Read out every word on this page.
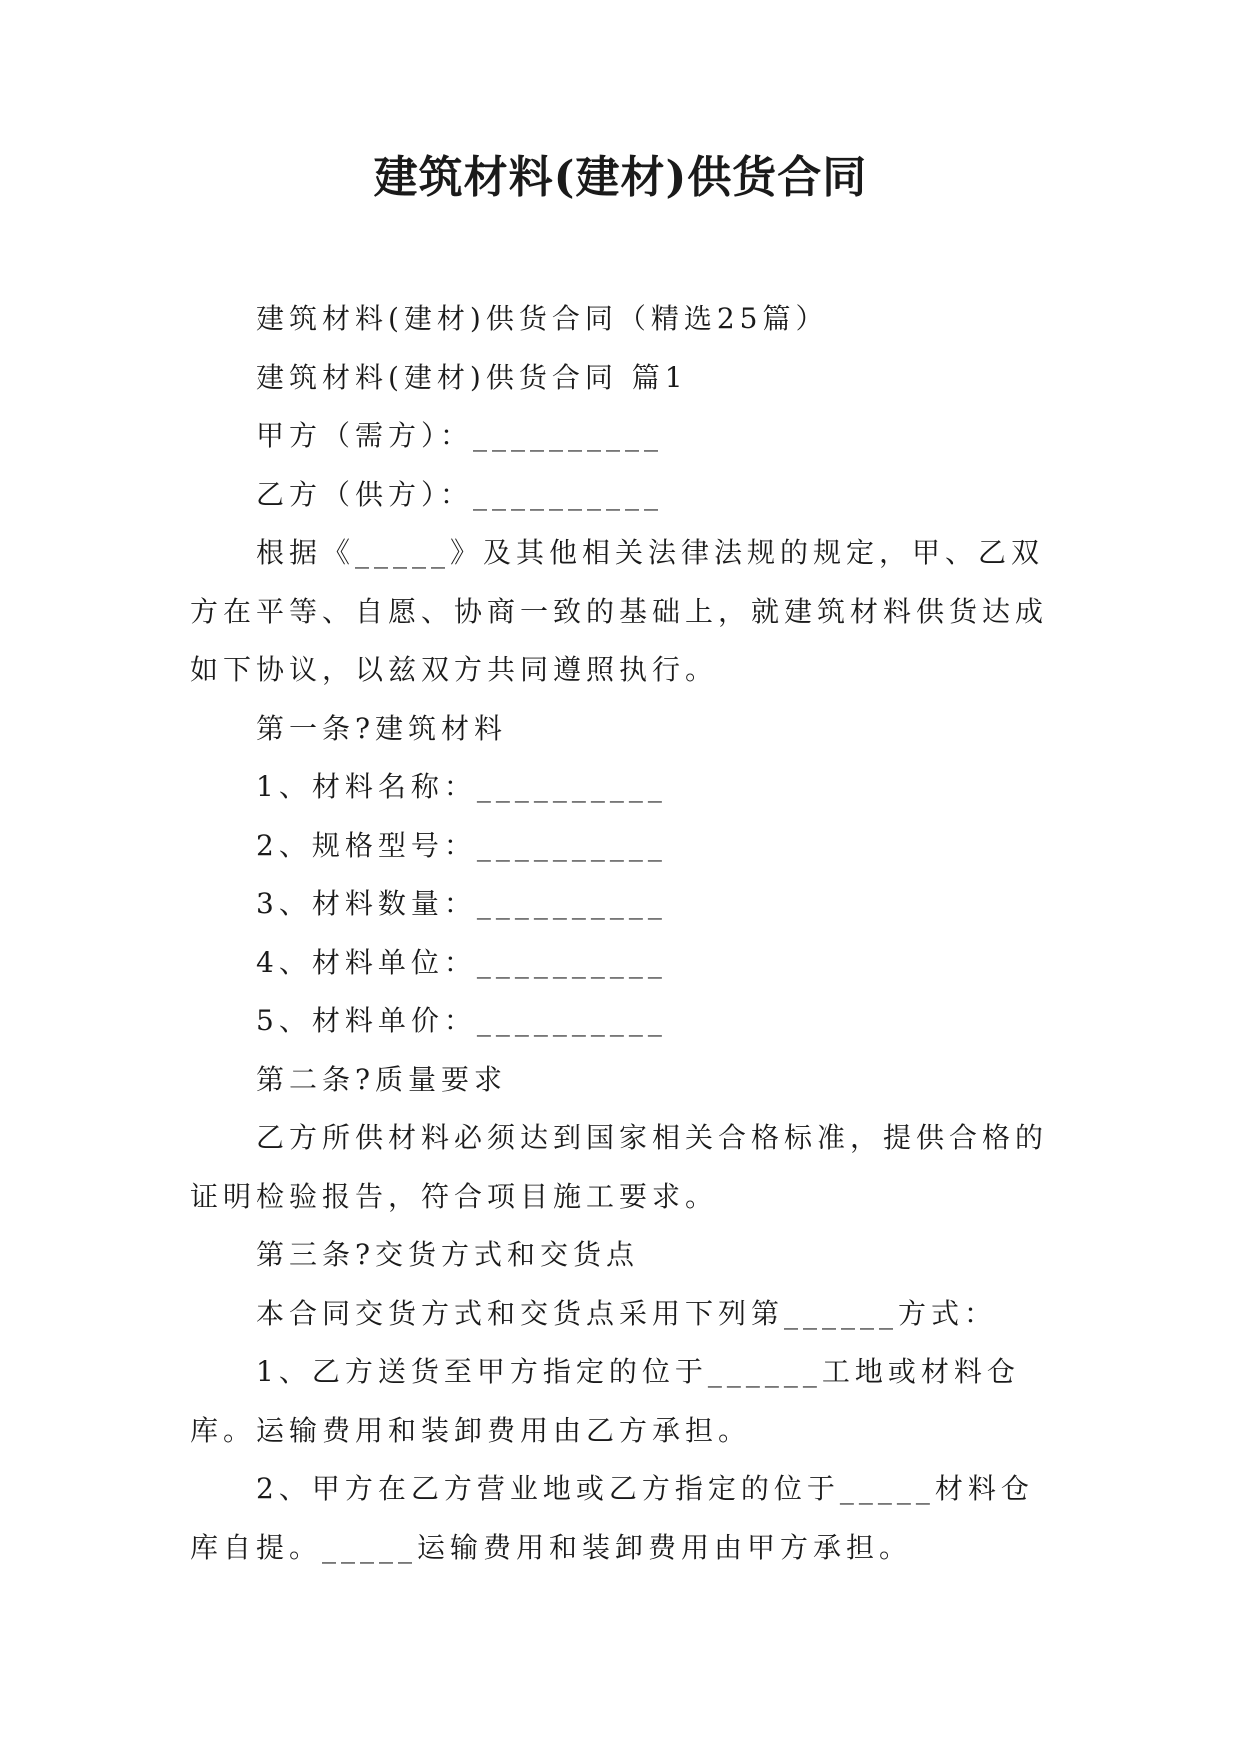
建筑材料(建材)供货合同

建筑材料(建材)供货合同（精选25篇）

建筑材料(建材)供货合同 篇1

甲方（需方）：__________

乙方（供方）：__________

根据《_____》及其他相关法律法规的规定，甲、乙双方在平等、自愿、协商一致的基础上，就建筑材料供货达成如下协议，以兹双方共同遵照执行。

第一条?建筑材料

1、材料名称：__________

2、规格型号：__________

3、材料数量：__________

4、材料单位：__________

5、材料单价：__________

第二条?质量要求

乙方所供材料必须达到国家相关合格标准，提供合格的证明检验报告，符合项目施工要求。

第三条?交货方式和交货点

本合同交货方式和交货点采用下列第______方式：

1、乙方送货至甲方指定的位于______工地或材料仓库。运输费用和装卸费用由乙方承担。

2、甲方在乙方营业地或乙方指定的位于_____材料仓库自提。_____运输费用和装卸费用由甲方承担。
